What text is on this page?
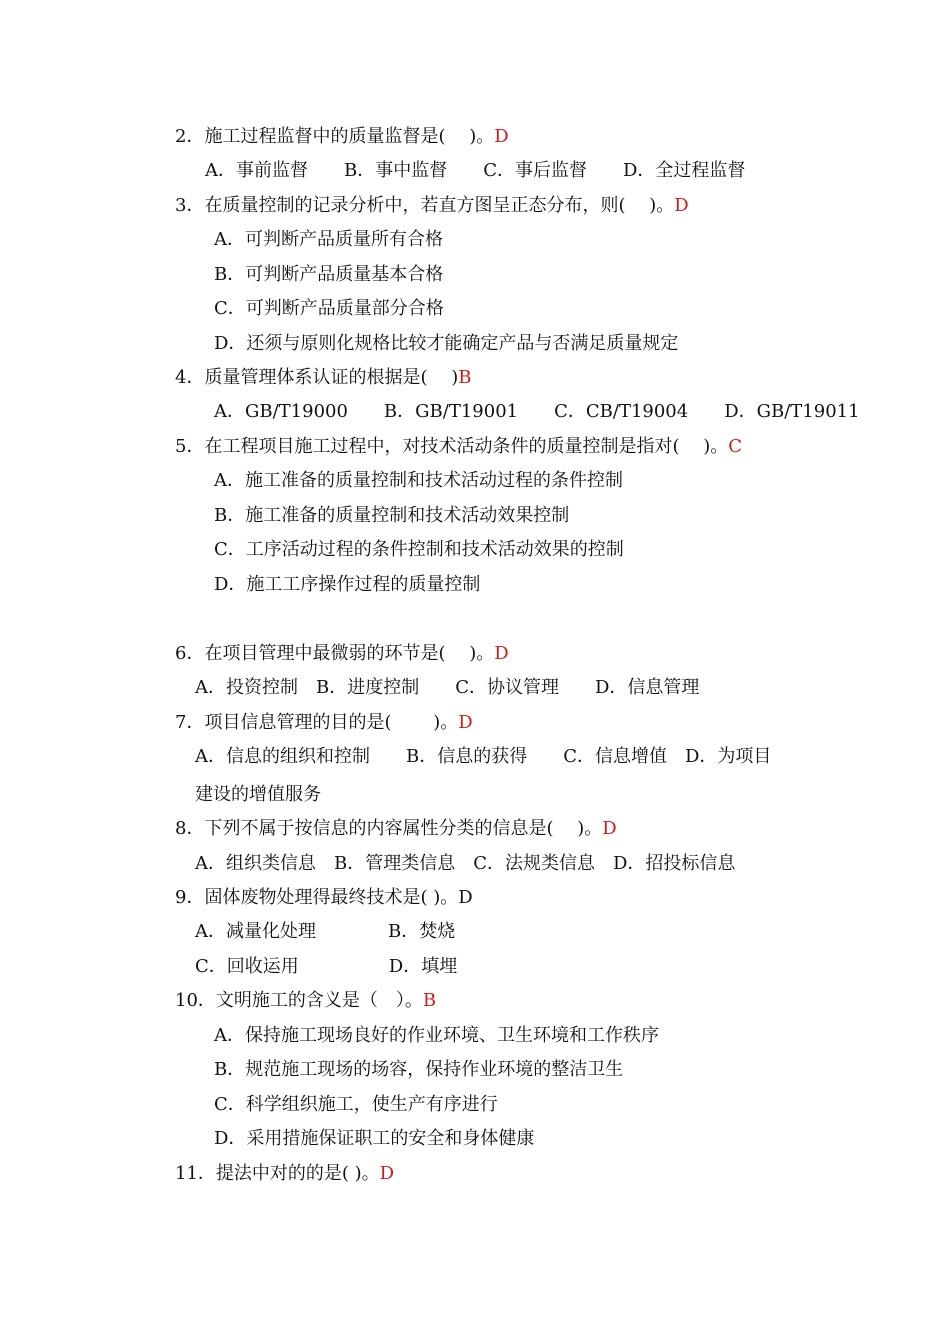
2．施工过程监督中的质量监督是(　 )。D
A．事前监督　　B．事中监督　　C．事后监督　　D．全过程监督
3．在质量控制的记录分析中，若直方图呈正态分布，则(　 )。D
A．可判断产品质量所有合格
B．可判断产品质量基本合格
C．可判断产品质量部分合格
D．还须与原则化规格比较才能确定产品与否满足质量规定
4．质量管理体系认证的根据是(　 )B
A．GB/T19000　　B．GB/T19001　　C．CB/T19004　　D．GB/T19011
5．在工程项目施工过程中，对技术活动条件的质量控制是指对(　 )。C
A．施工准备的质量控制和技术活动过程的条件控制
B．施工准备的质量控制和技术活动效果控制
C．工序活动过程的条件控制和技术活动效果的控制
D．施工工序操作过程的质量控制
6．在项目管理中最微弱的环节是(　 )。D
A．投资控制　B．进度控制　　C．协议管理　　D．信息管理
7．项目信息管理的目的是(　 　)。D
A．信息的组织和控制　　B．信息的获得　　C．信息增值　D．为项目
建设的增值服务
8．下列不属于按信息的内容属性分类的信息是(　 )。D
A．组织类信息　B．管理类信息　C．法规类信息　D．招投标信息
9．固体废物处理得最终技术是( )。D
A．减量化处理　　　　B．焚烧
C．回收运用　　　　　D．填埋
10．文明施工的含义是（　）。B
A．保持施工现场良好的作业环境、卫生环境和工作秩序
B．规范施工现场的场容，保持作业环境的整洁卫生
C．科学组织施工，使生产有序进行
D．采用措施保证职工的安全和身体健康
11．提法中对的的是( )。D
